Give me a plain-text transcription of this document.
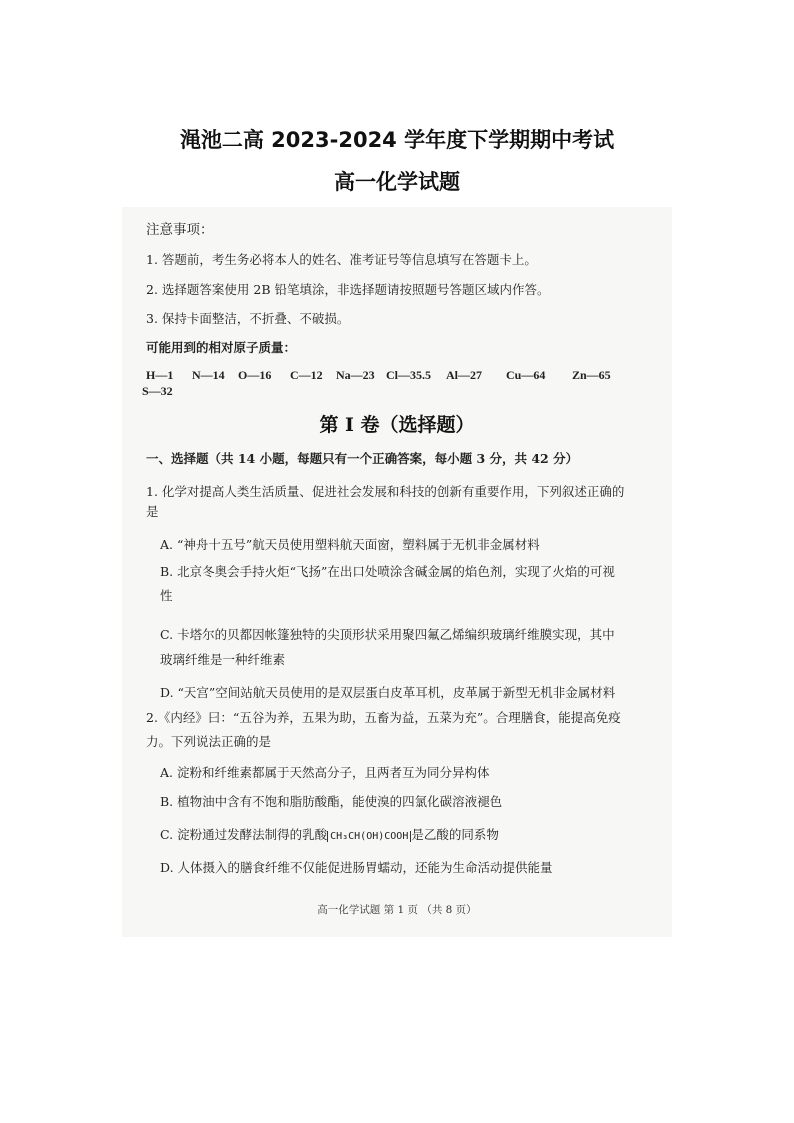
渑池二高 2023-2024 学年度下学期期中考试
高一化学试题
注意事项：
1. 答题前，考生务必将本人的姓名、准考证号等信息填写在答题卡上。
2. 选择题答案使用 2B 铅笔填涂，非选择题请按照题号答题区域内作答。
3. 保持卡面整洁，不折叠、不破损。
可能用到的相对原子质量：
H—1 N—14 O—16 C—12 Na—23 Cl—35.5 Al—27 Cu—64 Zn—65
S—32
第 I 卷（选择题）
一、选择题（共 14 小题，每题只有一个正确答案，每小题 3 分，共 42 分）
1. 化学对提高人类生活质量、促进社会发展和科技的创新有重要作用，下列叙述正确的
是
A. “神舟十五号”航天员使用塑料航天面窗，塑料属于无机非金属材料
B. 北京冬奥会手持火炬“飞扬”在出口处喷涂含碱金属的焰色剂，实现了火焰的可视
性
C. 卡塔尔的贝都因帐篷独特的尖顶形状采用聚四氟乙烯编织玻璃纤维膜实现，其中
玻璃纤维是一种纤维素
D. “天宫”空间站航天员使用的是双层蛋白皮革耳机，皮革属于新型无机非金属材料
2.《内经》曰：“五谷为养，五果为助，五畜为益，五菜为充”。合理膳食，能提高免疫
力。下列说法正确的是
A. 淀粉和纤维素都属于天然高分子，且两者互为同分异构体
B. 植物油中含有不饱和脂肪酸酯，能使溴的四氯化碳溶液褪色
C. 淀粉通过发酵法制得的乳酸 CH₃CH(OH)COOH 是乙酸的同系物
D. 人体摄入的膳食纤维不仅能促进肠胃蠕动，还能为生命活动提供能量
高一化学试题 第 1 页 （共 8 页）
